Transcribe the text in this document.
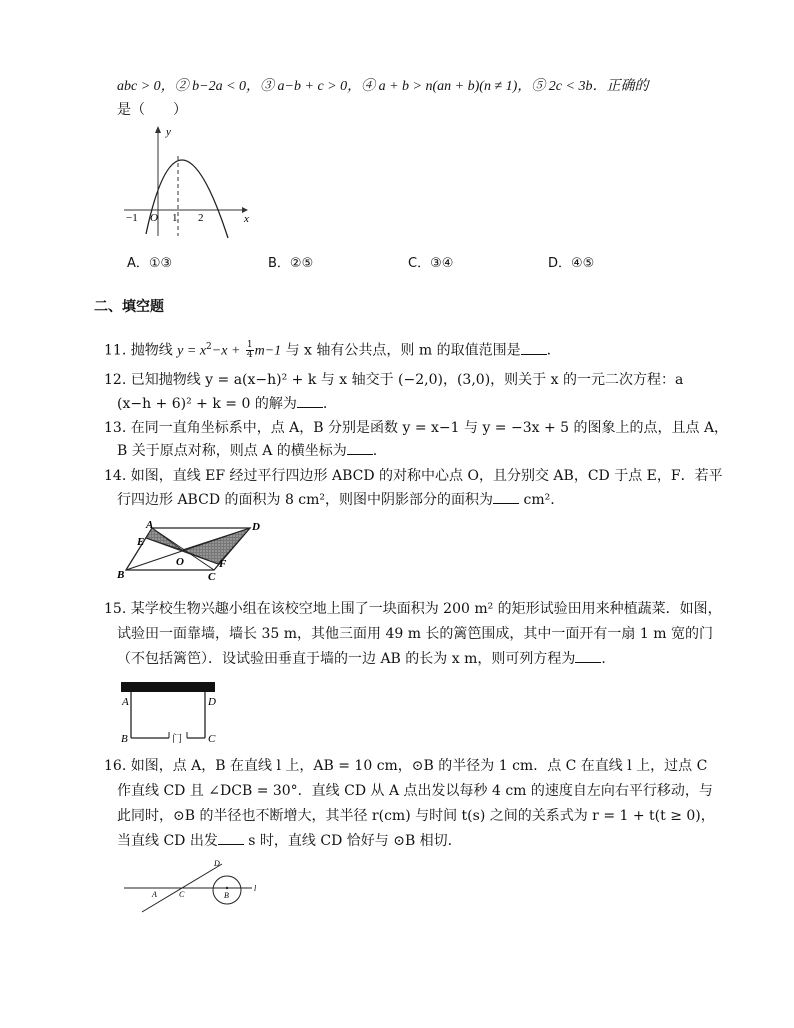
abc > 0，② b−2a < 0，③ a−b + c > 0，④ a + b > n(an + b)(n ≠ 1)，⑤ 2c < 3b．正确的
是（　　）
y
x
−1 O 1 2
A．①③	B．②⑤	C．③④	D．④⑤
二、填空题
11. 抛物线 $y = x^2-x + \frac{1}{4} m-1$ 与 x 轴有公共点，则 m 的取值范围是 .
12. 已知抛物线 y = a(x−h)² + k 与 x 轴交于 (−2,0)，(3,0)，则关于 x 的一元二次方程：a
(x−h + 6)² + k = 0 的解为 .
13. 在同一直角坐标系中，点 A，B 分别是函数 y = x−1 与 y = −3x + 5 的图象上的点，且点 A，
B 关于原点对称，则点 A 的横坐标为 .
14. 如图，直线 EF 经过平行四边形 ABCD 的对称中心点 O，且分别交 AB，CD 于点 E，F．若平
行四边形 ABCD 的面积为 8 cm²，则图中阴影部分的面积为 cm².
A	D
E
O	F
B	C
15. 某学校生物兴趣小组在该校空地上围了一块面积为 200 m² 的矩形试验田用来种植蔬菜．如图，
试验田一面靠墙，墙长 35 m，其他三面用 49 m 长的篱笆围成，其中一面开有一扇 1 m 宽的门
（不包括篱笆）．设试验田垂直于墙的一边 AB 的长为 x m，则可列方程为 .
A	D
B	C
门
16. 如图，点 A，B 在直线 l 上，AB = 10 cm，⊙B 的半径为 1 cm．点 C 在直线 l 上，过点 C
作直线 CD 且 ∠DCB = 30°．直线 CD 从 A 点出发以每秒 4 cm 的速度自左向右平行移动，与
此同时，⊙B 的半径也不断增大，其半径 r(cm) 与时间 t(s) 之间的关系式为 r = 1 + t(t ≥ 0)，
当直线 CD 出发 s 时，直线 CD 恰好与 ⊙B 相切.
D
A	C	B
l
